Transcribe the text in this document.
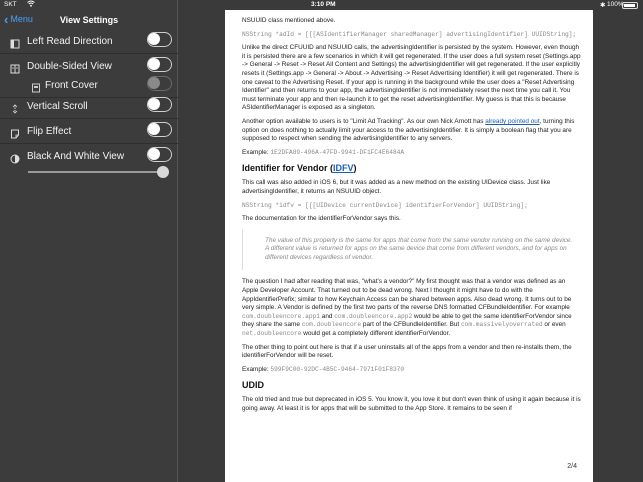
‹ Menu	View Settings
Left Read Direction
Double-Sided View
Front Cover
Vertical Scroll
Flip Effect
Black And White View
SKT	3:10 PM	✱ 100%

NSUUID class mentioned above.

NSString *adId = [[[ASIdentifierManager sharedManager] advertisingIdentifier] UUIDString];

Unlike the direct CFUUID and NSUUID calls, the advertisingIdentifier is persisted by the system. However, even though it is persisted there are a few scenarios in which it will get regenerated. If the user does a full system reset (Settings.app -> General -> Reset -> Reset All Content and Settings) the advertisingIdentifier will get regenerated. If the user explicitly resets it (Settings.app -> General -> About -> Advertising -> Reset Advertising Identifier) it will get regenerated. There is one caveat to the Advertising Reset. If your app is running in the background while the user does a "Reset Advertising Identifier" and then returns to your app, the advertisingIdentifier is not immediately reset the next time you call it. You must terminate your app and then re-launch it to get the reset advertisingIdentifier. My guess is that this is because ASIdentifierManager is exposed as a singleton.

Another option available to users is to "Limit Ad Tracking". As our own Nick Arnott has already pointed out, turning this option on does nothing to actually limit your access to the advertisingIdentifier. It is simply a boolean flag that you are supposed to respect when sending the advertisingIdentifier to any servers.

Example: 1E2DFA89-496A-47FD-9941-DF1FC4E6484A

Identifier for Vendor (IDFV)

This call was also added in iOS 6, but it was added as a new method on the existing UIDevice class. Just like advertisingIdentifier, it returns an NSUUID object.

NSString *idfv = [[[UIDevice currentDevice] identifierForVendor] UUIDString];

The documentation for the identifierForVendor says this.

The value of this property is the same for apps that come from the same vendor running on the same device. A different value is returned for apps on the same device that come from different vendors, and for apps on different devices regardless of vendor.

The question I had after reading that was, "what's a vendor?" My first thought was that a vendor was defined as an Apple Developer Account. That turned out to be dead wrong. Next I thought it might have to do with the AppIdentifierPrefix; similar to how Keychain Access can be shared between apps. Also dead wrong. It turns out to be very simple. A Vendor is defined by the first two parts of the reverse DNS formatted CFBundleIdentifier. For example com.doubleencore.app1 and com.doubleencore.app2 would be able to get the same identifierForVendor since they share the same com.doubleencore part of the CFBundleIdentifier. But com.massivelyoverrated or even net.doubleencore would get a completely different identifierForVendor.

The other thing to point out here is that if a user uninstalls all of the apps from a vendor and then re-installs them, the identifierForVendor will be reset.

Example: 599F9C00-92DC-4B5C-9464-7971F01F8370

UDID

The old tried and true but deprecated in iOS 5. You know it, you love it but don't even think of using it again because it is going away. At least it is for apps that will be submitted to the App Store. It remains to be seen if

2/4
